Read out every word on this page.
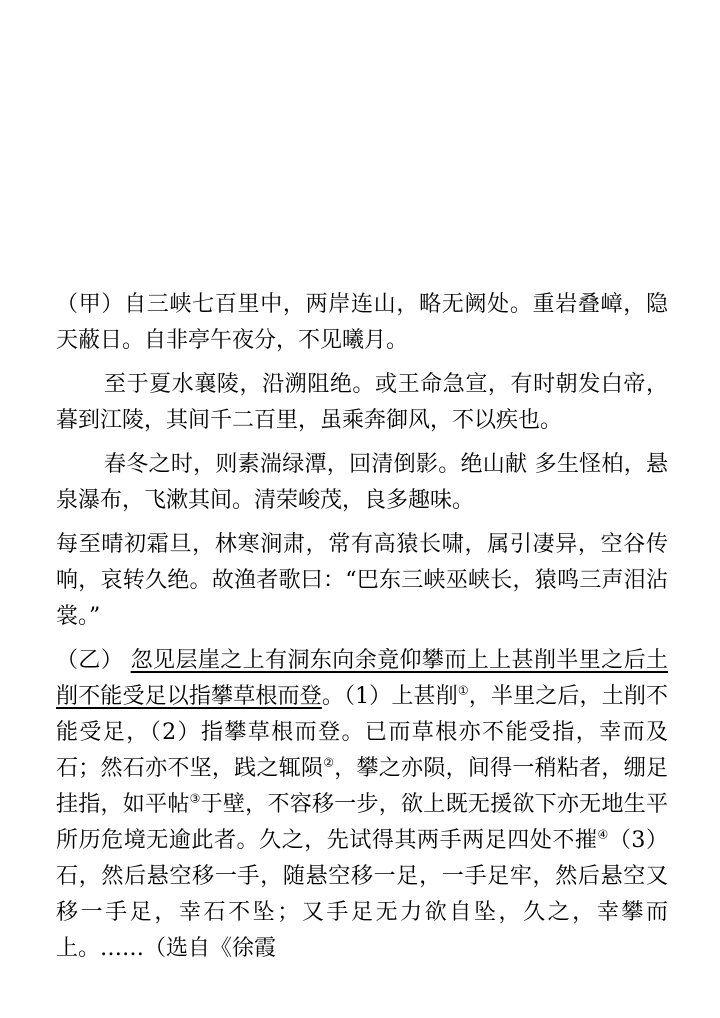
（甲）自三峡七百里中，两岸连山，略无阙处。重岩叠嶂，隐天蔽日。自非亭午夜分，不见曦月。

至于夏水襄陵，沿溯阻绝。或王命急宣，有时朝发白帝，暮到江陵，其间千二百里，虽乘奔御风，不以疾也。

春冬之时，则素湍绿潭，回清倒影。绝山献 多生怪柏，悬泉瀑布，飞漱其间。清荣峻茂，良多趣味。

每至晴初霜旦，林寒涧肃，常有高猿长啸，属引凄异，空谷传响，哀转久绝。故渔者歌曰：“巴东三峡巫峡长，猿鸣三声泪沾裳。”

（乙） 忽见层崖之上有洞东向余竟仰攀而上上甚削半里之后土削不能受足以指攀草根而登。（1）上甚削①，半里之后，土削不能受足，（2）指攀草根而登。已而草根亦不能受指，幸而及石；然石亦不坚，践之辄陨②，攀之亦陨，间得一稍粘者，绷足挂指，如平帖③于壁，不容移一步，欲上既无援欲下亦无地生平所历危境无逾此者。久之，先试得其两手两足四处不摧④（3）石，然后悬空移一手，随悬空移一足，一手足牢，然后悬空又移一手足，幸石不坠；又手足无力欲自坠，久之，幸攀而上。……（选自《徐霞
